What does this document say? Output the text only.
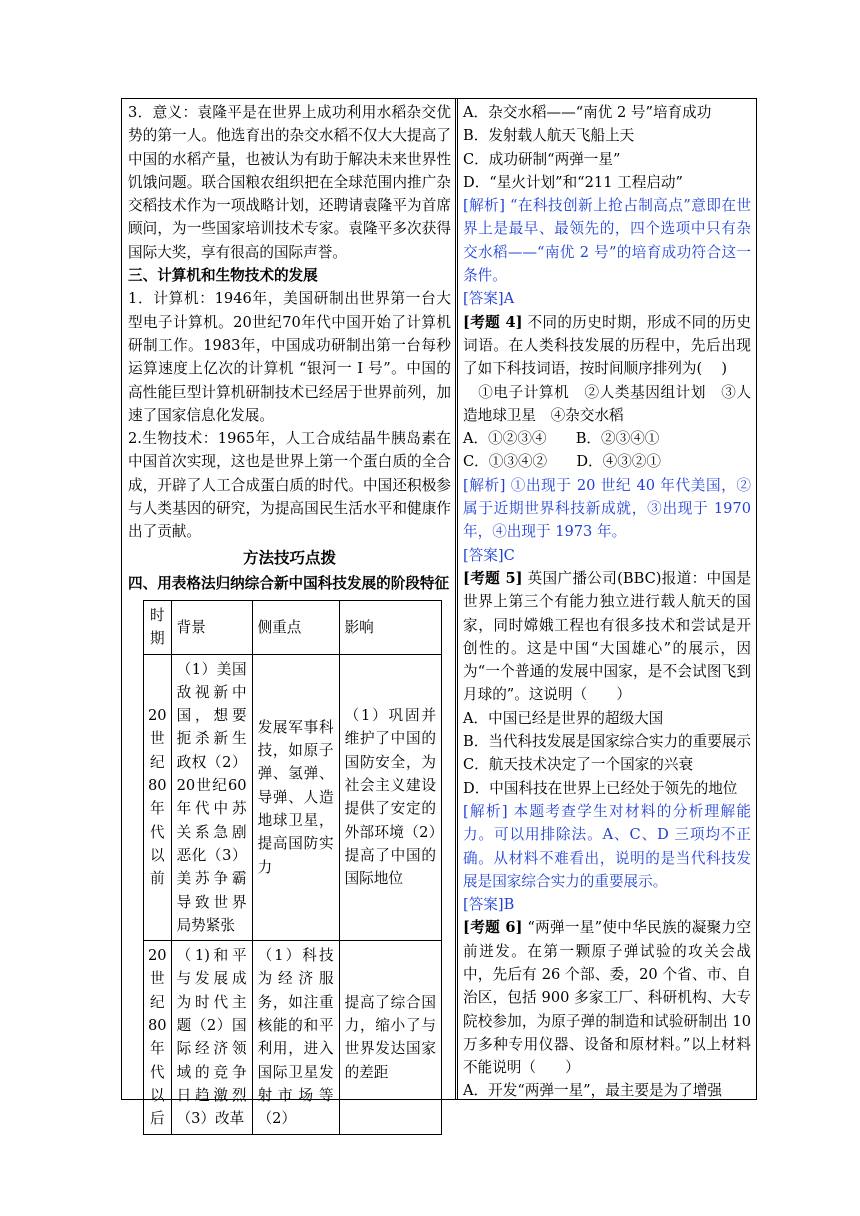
3．意义：袁隆平是在世界上成功利用水稻杂交优势的第一人。他选育出的杂交水稻不仅大大提高了中国的水稻产量，也被认为有助于解决未来世界性饥饿问题。联合国粮农组织把在全球范围内推广杂交稻技术作为一项战略计划，还聘请袁隆平为首席顾问，为一些国家培训技术专家。袁隆平多次获得国际大奖，享有很高的国际声誉。

三、计算机和生物技术的发展

1．计算机：1946年，美国研制出世界第一台大型电子计算机。20世纪70年代中国开始了计算机研制工作。1983年，中国成功研制出第一台每秒运算速度上亿次的计算机 “银河一 I 号”。中国的高性能巨型计算机研制技术已经居于世界前列，加速了国家信息化发展。

2.生物技术：1965年，人工合成结晶牛胰岛素在中国首次实现，这也是世界上第一个蛋白质的全合成，开辟了人工合成蛋白质的时代。中国还积极参与人类基因的研究，为提高国民生活水平和健康作出了贡献。

方法技巧点拨

四、用表格法归纳综合新中国科技发展的阶段特征

时期	背景	侧重点	影响
20世纪80年代以前	（1）美国敌视新中国，想要扼杀新生政权（2）20世纪60年代中苏关系急剧恶化（3）美苏争霸导致世界局势紧张	发展军事科技，如原子弹、氢弹、导弹、人造地球卫星，提高国防实力	（1）巩固并维护了中国的国防安全，为社会主义建设提供了安定的外部环境（2）提高了中国的国际地位
20世纪80年代以后	（1)和平与发展成为时代主题（2）国际经济领域的竞争日趋激烈（3）改革	（1）科技为经济服务，如注重核能的和平利用，进入国际卫星发射市场等（2）	提高了综合国力，缩小了与世界发达国家的差距

A．杂交水稻——“南优 2 号”培育成功

B．发射载人航天飞船上天

C．成功研制“两弹一星”

D．“星火计划”和“211 工程启动”

[解析] “在科技创新上抢占制高点”意即在世界上是最早、最领先的，四个选项中只有杂交水稻——“南优 2 号”的培育成功符合这一条件。

[答案]A

[考题 4] 不同的历史时期，形成不同的历史词语。在人类科技发展的历程中，先后出现了如下科技词语，按时间顺序排列为(　 )

　①电子计算机　②人类基因组计划　③人造地球卫星　④杂交水稻

A．①②③④　　B．②③④①

C．①③④②　　D．④③②①

[解析] ①出现于 20 世纪 40 年代美国，②属于近期世界科技新成就，③出现于 1970 年，④出现于 1973 年。

[答案]C

[考题 5] 英国广播公司(BBC)报道：中国是世界上第三个有能力独立进行载人航天的国家，同时嫦娥工程也有很多技术和尝试是开创性的。这是中国“大国雄心”的展示，因为“一个普通的发展中国家，是不会试图飞到月球的”。这说明（　　）

A．中国已经是世界的超级大国

B．当代科技发展是国家综合实力的重要展示

C．航天技术决定了一个国家的兴衰

D．中国科技在世界上已经处于领先的地位

[解析] 本题考查学生对材料的分析理解能力。可以用排除法。A、C、D 三项均不正确。从材料不难看出，说明的是当代科技发展是国家综合实力的重要展示。

[答案]B

[考题 6] “两弹一星”使中华民族的凝聚力空前迸发。在第一颗原子弹试验的攻关会战中，先后有 26 个部、委，20 个省、市、自治区，包括 900 多家工厂、科研机构、大专院校参加，为原子弹的制造和试验研制出 10 万多种专用仪器、设备和原材料。”以上材料不能说明（　　）

A．开发“两弹一星”，最主要是为了增强
